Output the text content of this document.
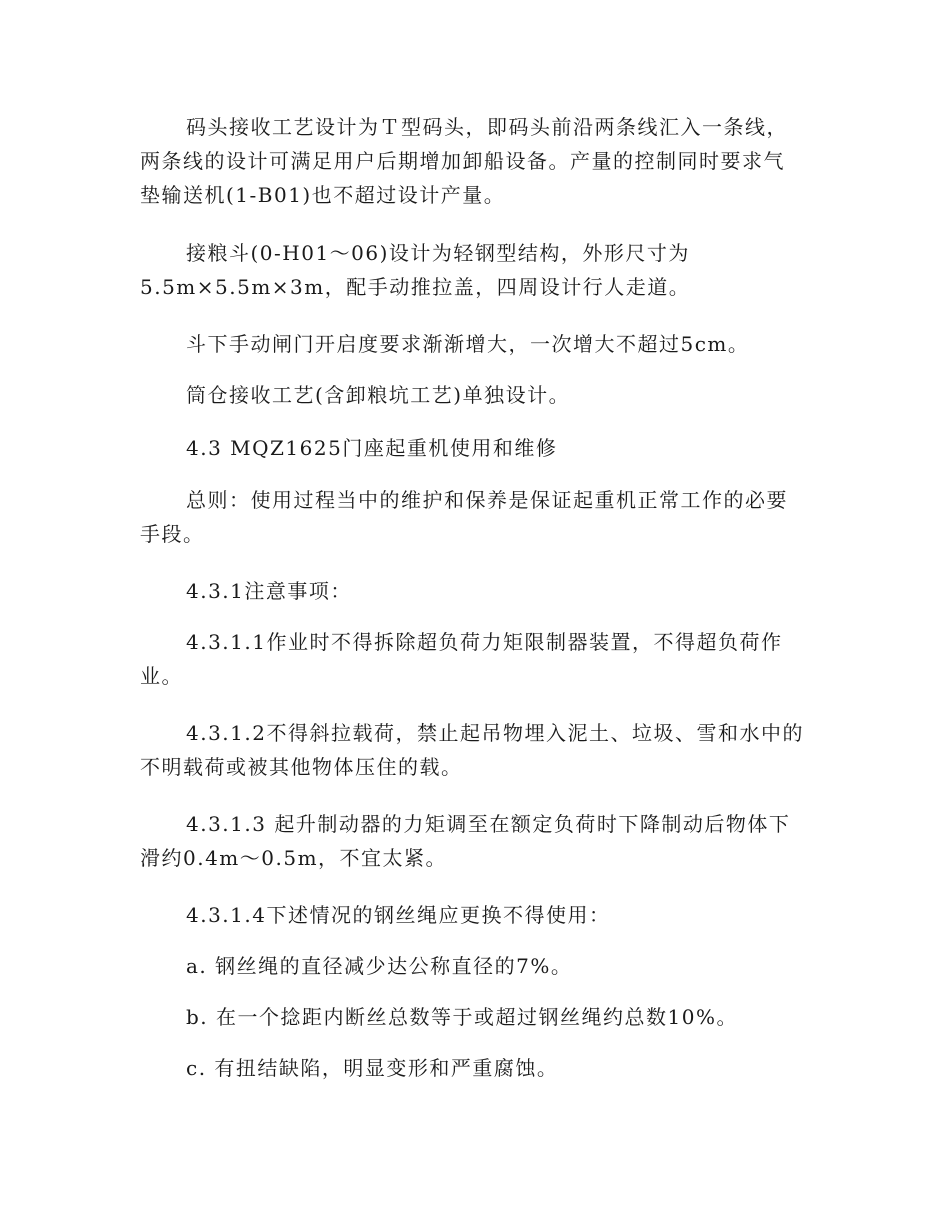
码头接收工艺设计为Ｔ型码头，即码头前沿两条线汇入一条线，
两条线的设计可满足用户后期增加卸船设备。产量的控制同时要求气
垫输送机(1-B01)也不超过设计产量。

接粮斗(0-H01～06)设计为轻钢型结构，外形尺寸为
5.5m×5.5m×3m，配手动推拉盖，四周设计行人走道。

斗下手动闸门开启度要求渐渐增大，一次增大不超过5cm。

筒仓接收工艺(含卸粮坑工艺)单独设计。

4.3 MQZ1625门座起重机使用和维修

总则：使用过程当中的维护和保养是保证起重机正常工作的必要
手段。

4.3.1注意事项：

4.3.1.1作业时不得拆除超负荷力矩限制器装置，不得超负荷作
业。

4.3.1.2不得斜拉载荷，禁止起吊物埋入泥土、垃圾、雪和水中的
不明载荷或被其他物体压住的载。

4.3.1.3 起升制动器的力矩调至在额定负荷时下降制动后物体下
滑约0.4m～0.5m，不宜太紧。

4.3.1.4下述情况的钢丝绳应更换不得使用：

a. 钢丝绳的直径减少达公称直径的7%。

b. 在一个捻距内断丝总数等于或超过钢丝绳约总数10%。

c. 有扭结缺陷，明显变形和严重腐蚀。
